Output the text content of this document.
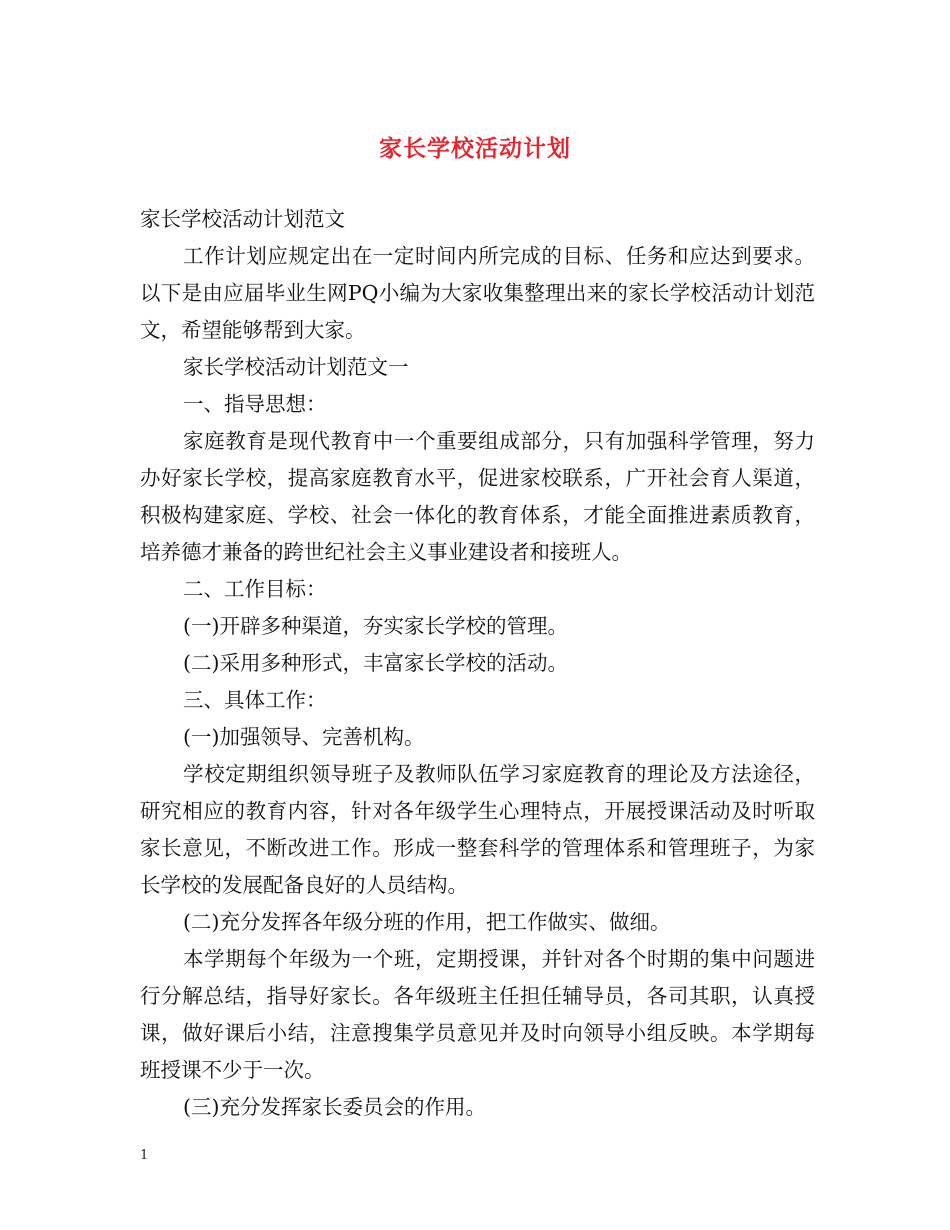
家长学校活动计划

家长学校活动计划范文

工作计划应规定出在一定时间内所完成的目标、任务和应达到要求。以下是由应届毕业生网PQ小编为大家收集整理出来的家长学校活动计划范文，希望能够帮到大家。

家长学校活动计划范文一

一、指导思想：

家庭教育是现代教育中一个重要组成部分，只有加强科学管理，努力办好家长学校，提高家庭教育水平，促进家校联系，广开社会育人渠道，积极构建家庭、学校、社会一体化的教育体系，才能全面推进素质教育，培养德才兼备的跨世纪社会主义事业建设者和接班人。

二、工作目标：

(一)开辟多种渠道，夯实家长学校的管理。

(二)采用多种形式，丰富家长学校的活动。

三、具体工作：

(一)加强领导、完善机构。

学校定期组织领导班子及教师队伍学习家庭教育的理论及方法途径，研究相应的教育内容，针对各年级学生心理特点，开展授课活动及时听取家长意见，不断改进工作。形成一整套科学的管理体系和管理班子，为家长学校的发展配备良好的人员结构。

(二)充分发挥各年级分班的作用，把工作做实、做细。

本学期每个年级为一个班，定期授课，并针对各个时期的集中问题进行分解总结，指导好家长。各年级班主任担任辅导员，各司其职，认真授课，做好课后小结，注意搜集学员意见并及时向领导小组反映。本学期每班授课不少于一次。

(三)充分发挥家长委员会的作用。

1
